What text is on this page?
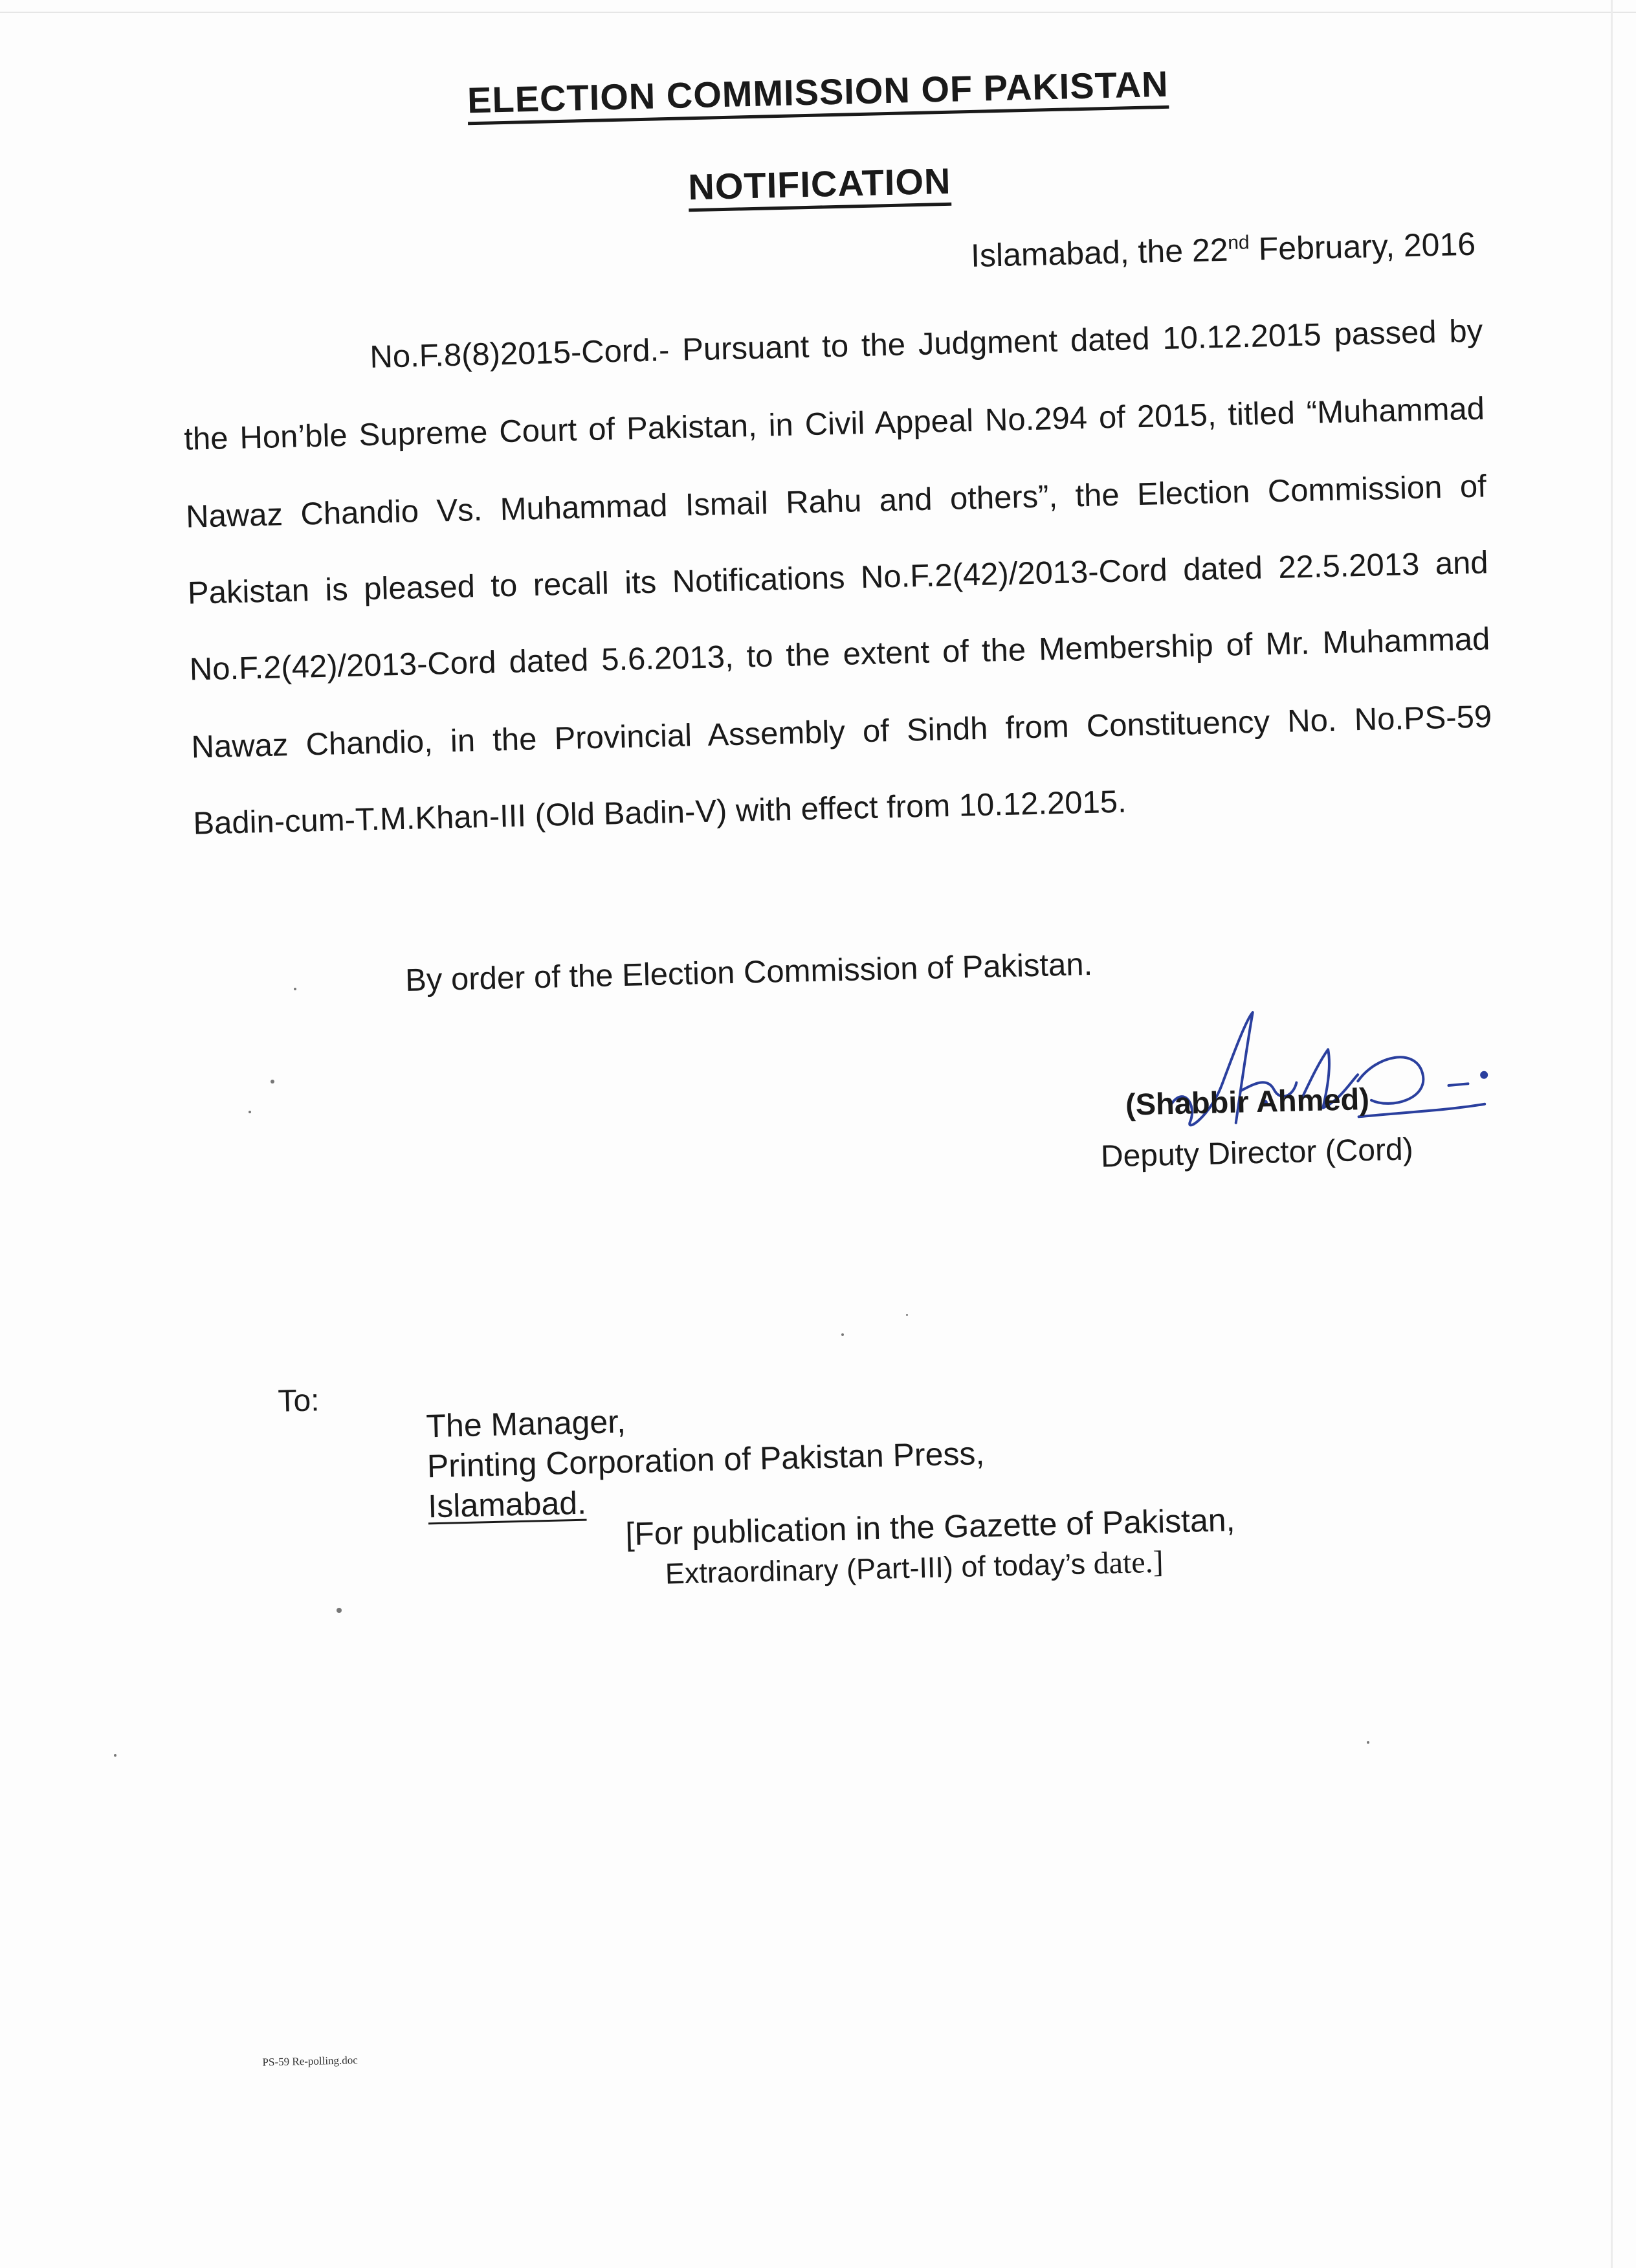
ELECTION COMMISSION OF PAKISTAN
NOTIFICATION
Islamabad, the 22nd February, 2016
No.F.8(8)2015-Cord.- Pursuant to the Judgment dated 10.12.2015 passed by
the Hon’ble Supreme Court of Pakistan, in Civil Appeal No.294 of 2015, titled “Muhammad
Nawaz Chandio Vs. Muhammad Ismail Rahu and others”, the Election Commission of
Pakistan is pleased to recall its Notifications No.F.2(42)/2013-Cord dated 22.5.2013 and
No.F.2(42)/2013-Cord dated 5.6.2013, to the extent of the Membership of Mr. Muhammad
Nawaz Chandio, in the Provincial Assembly of Sindh from Constituency No. No.PS-59
Badin-cum-T.M.Khan-III (Old Badin-V) with effect from 10.12.2015.
By order of the Election Commission of Pakistan.
(Shabbir Ahmed)
Deputy Director (Cord)
To:
The Manager,
Printing Corporation of Pakistan Press,
Islamabad. [For publication in the Gazette of Pakistan,
Extraordinary (Part-III) of today’s date.]
PS-59 Re-polling.doc
